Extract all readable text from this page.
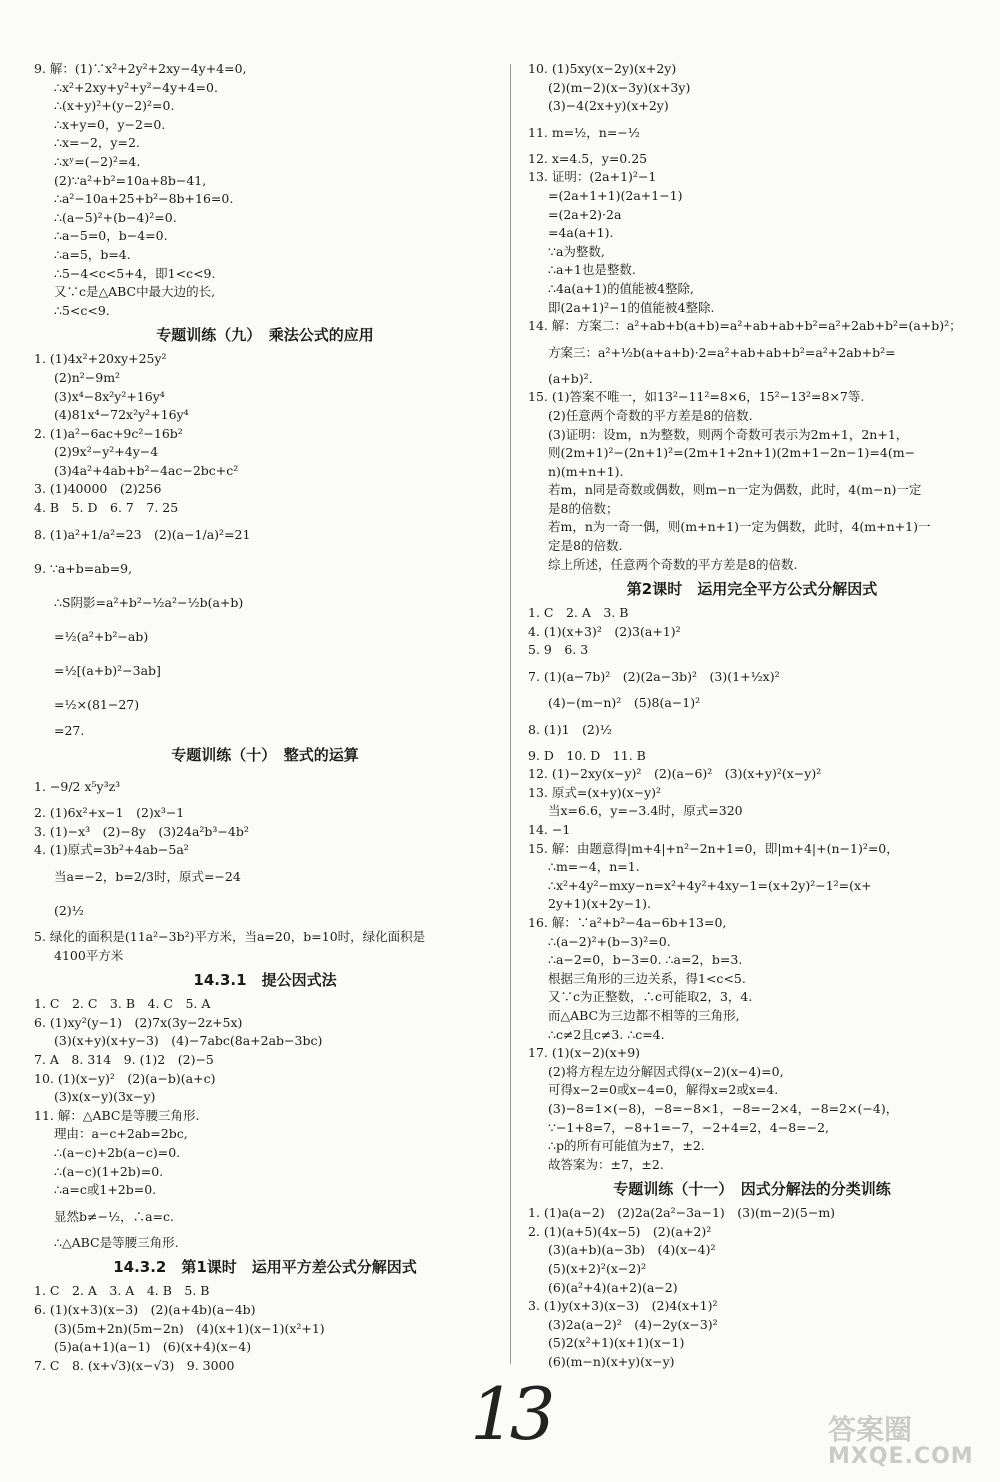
9. 解：(1)∵x²+2y²+2xy−4y+4=0,
∴x²+2xy+y²+y²−4y+4=0.
∴(x+y)²+(y−2)²=0.
∴x+y=0，y−2=0.
∴x=−2，y=2.
∴xʸ=(−2)²=4.
(2)∵a²+b²=10a+8b−41,
∴a²−10a+25+b²−8b+16=0.
∴(a−5)²+(b−4)²=0.
∴a−5=0，b−4=0.
∴a=5，b=4.
∴5−4<c<5+4，即1<c<9.
又∵c是△ABC中最大边的长,
∴5<c<9.
专题训练（九）　乘法公式的应用
1. (1)4x²+20xy+25y²
(2)n²−9m²
(3)x⁴−8x²y²+16y⁴
(4)81x⁴−72x²y²+16y⁴
2. (1)a²−6ac+9c²−16b²
(2)9x²−y²+4y−4
(3)4a²+4ab+b²−4ac−2bc+c²
3. (1)40000　(2)256
4. B　5. D　6. 7　7. 25
8. (1)a²+1/a²=23　(2)(a−1/a)²=21
9. ∵a+b=ab=9,
∴S阴影=a²+b²−½a²−½b(a+b)
=½(a²+b²−ab)
=½[(a+b)²−3ab]
=½×(81−27)
=27.
专题训练（十）　整式的运算
1. −9/2 x⁵y³z³
2. (1)6x²+x−1　(2)x³−1
3. (1)−x³　(2)−8y　(3)24a²b³−4b²
4. (1)原式=3b²+4ab−5a²
当a=−2，b=2/3时，原式=−24
(2)½
5. 绿化的面积是(11a²−3b²)平方米，当a=20，b=10时，绿化面积是
4100平方米
14.3.1　提公因式法
1. C　2. C　3. B　4. C　5. A
6. (1)xy²(y−1)　(2)7x(3y−2z+5x)
(3)(x+y)(x+y−3)　(4)−7abc(8a+2ab−3bc)
7. A　8. 314　9. (1)2　(2)−5
10. (1)(x−y)²　(2)(a−b)(a+c)
(3)x(x−y)(3x−y)
11. 解：△ABC是等腰三角形.
理由：a−c+2ab=2bc,
∴(a−c)+2b(a−c)=0.
∴(a−c)(1+2b)=0.
∴a=c或1+2b=0.
显然b≠−½，∴a=c.
∴△ABC是等腰三角形.
14.3.2　第1课时　运用平方差公式分解因式
1. C　2. A　3. A　4. B　5. B
6. (1)(x+3)(x−3)　(2)(a+4b)(a−4b)
(3)(5m+2n)(5m−2n)　(4)(x+1)(x−1)(x²+1)
(5)a(a+1)(a−1)　(6)(x+4)(x−4)
7. C　8. (x+√3)(x−√3)　9. 3000
10. (1)5xy(x−2y)(x+2y)
(2)(m−2)(x−3y)(x+3y)
(3)−4(2x+y)(x+2y)
11. m=½，n=−½
12. x=4.5，y=0.25
13. 证明：(2a+1)²−1
=(2a+1+1)(2a+1−1)
=(2a+2)·2a
=4a(a+1).
∵a为整数,
∴a+1也是整数.
∴4a(a+1)的值能被4整除,
即(2a+1)²−1的值能被4整除.
14. 解：方案二：a²+ab+b(a+b)=a²+ab+ab+b²=a²+2ab+b²=(a+b)²；
方案三：a²+½b(a+a+b)·2=a²+ab+ab+b²=a²+2ab+b²=
(a+b)².
15. (1)答案不唯一，如13²−11²=8×6，15²−13²=8×7等.
(2)任意两个奇数的平方差是8的倍数.
(3)证明：设m，n为整数，则两个奇数可表示为2m+1，2n+1，
则(2m+1)²−(2n+1)²=(2m+1+2n+1)(2m+1−2n−1)=4(m−
n)(m+n+1).
若m，n同是奇数或偶数，则m−n一定为偶数，此时，4(m−n)一定
是8的倍数；
若m，n为一奇一偶，则(m+n+1)一定为偶数，此时，4(m+n+1)一
定是8的倍数.
综上所述，任意两个奇数的平方差是8的倍数.
第2课时　运用完全平方公式分解因式
1. C　2. A　3. B
4. (1)(x+3)²　(2)3(a+1)²
5. 9　6. 3
7. (1)(a−7b)²　(2)(2a−3b)²　(3)(1+½x)²
(4)−(m−n)²　(5)8(a−1)²
8. (1)1　(2)½
9. D　10. D　11. B
12. (1)−2xy(x−y)²　(2)(a−6)²　(3)(x+y)²(x−y)²
13. 原式=(x+y)(x−y)²
当x=6.6，y=−3.4时，原式=320
14. −1
15. 解：由题意得|m+4|+n²−2n+1=0，即|m+4|+(n−1)²=0，
∴m=−4，n=1.
∴x²+4y²−mxy−n=x²+4y²+4xy−1=(x+2y)²−1²=(x+
2y+1)(x+2y−1).
16. 解：∵a²+b²−4a−6b+13=0,
∴(a−2)²+(b−3)²=0.
∴a−2=0，b−3=0. ∴a=2，b=3.
根据三角形的三边关系，得1<c<5.
又∵c为正整数，∴c可能取2，3，4.
而△ABC为三边都不相等的三角形,
∴c≠2且c≠3. ∴c=4.
17. (1)(x−2)(x+9)
(2)将方程左边分解因式得(x−2)(x−4)=0,
可得x−2=0或x−4=0，解得x=2或x=4.
(3)−8=1×(−8)，−8=−8×1，−8=−2×4，−8=2×(−4)，
∵−1+8=7，−8+1=−7，−2+4=2，4−8=−2,
∴p的所有可能值为±7，±2.
故答案为：±7，±2.
专题训练（十一）　因式分解法的分类训练
1. (1)a(a−2)　(2)2a(2a²−3a−1)　(3)(m−2)(5−m)
2. (1)(a+5)(4x−5)　(2)(a+2)²
(3)(a+b)(a−3b)　(4)(x−4)²
(5)(x+2)²(x−2)²
(6)(a²+4)(a+2)(a−2)
3. (1)y(x+3)(x−3)　(2)4(x+1)²
(3)2a(a−2)²　(4)−2y(x−3)²
(5)2(x²+1)(x+1)(x−1)
(6)(m−n)(x+y)(x−y)
13	答案圈
MXQE.COM
